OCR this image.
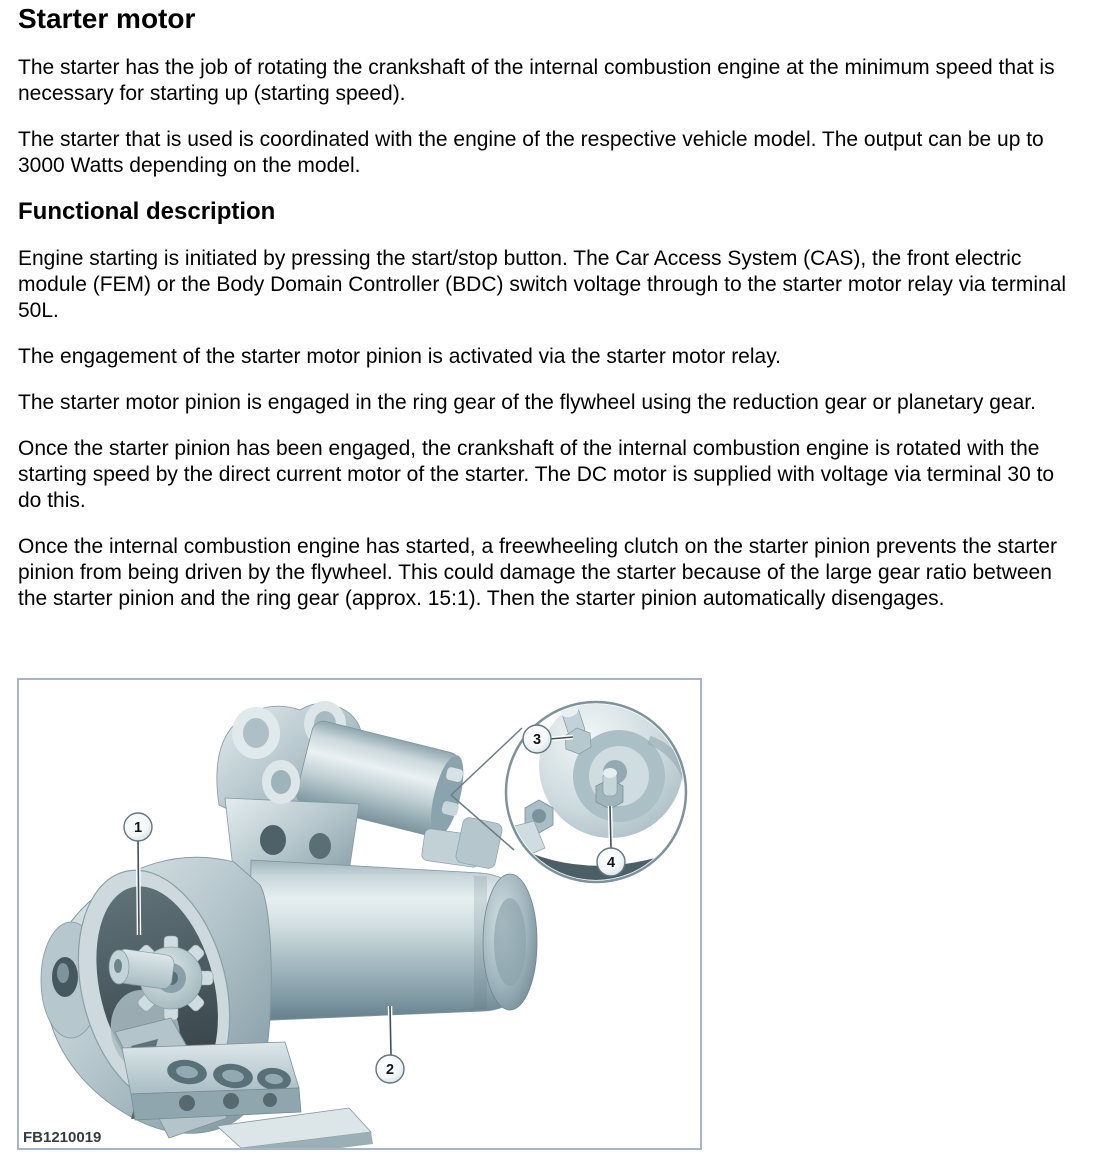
Starter motor

The starter has the job of rotating the crankshaft of the internal combustion engine at the minimum speed that is necessary for starting up (starting speed).

The starter that is used is coordinated with the engine of the respective vehicle model. The output can be up to 3000 Watts depending on the model.

Functional description

Engine starting is initiated by pressing the start/stop button. The Car Access System (CAS), the front electric module (FEM) or the Body Domain Controller (BDC) switch voltage through to the starter motor relay via terminal 50L.

The engagement of the starter motor pinion is activated via the starter motor relay.

The starter motor pinion is engaged in the ring gear of the flywheel using the reduction gear or planetary gear.

Once the starter pinion has been engaged, the crankshaft of the internal combustion engine is rotated with the starting speed by the direct current motor of the starter. The DC motor is supplied with voltage via terminal 30 to do this.

Once the internal combustion engine has started, a freewheeling clutch on the starter pinion prevents the starter pinion from being driven by the flywheel. This could damage the starter because of the large gear ratio between the starter pinion and the ring gear (approx. 15:1). Then the starter pinion automatically disengages.

1
2
3
4
FB1210019
